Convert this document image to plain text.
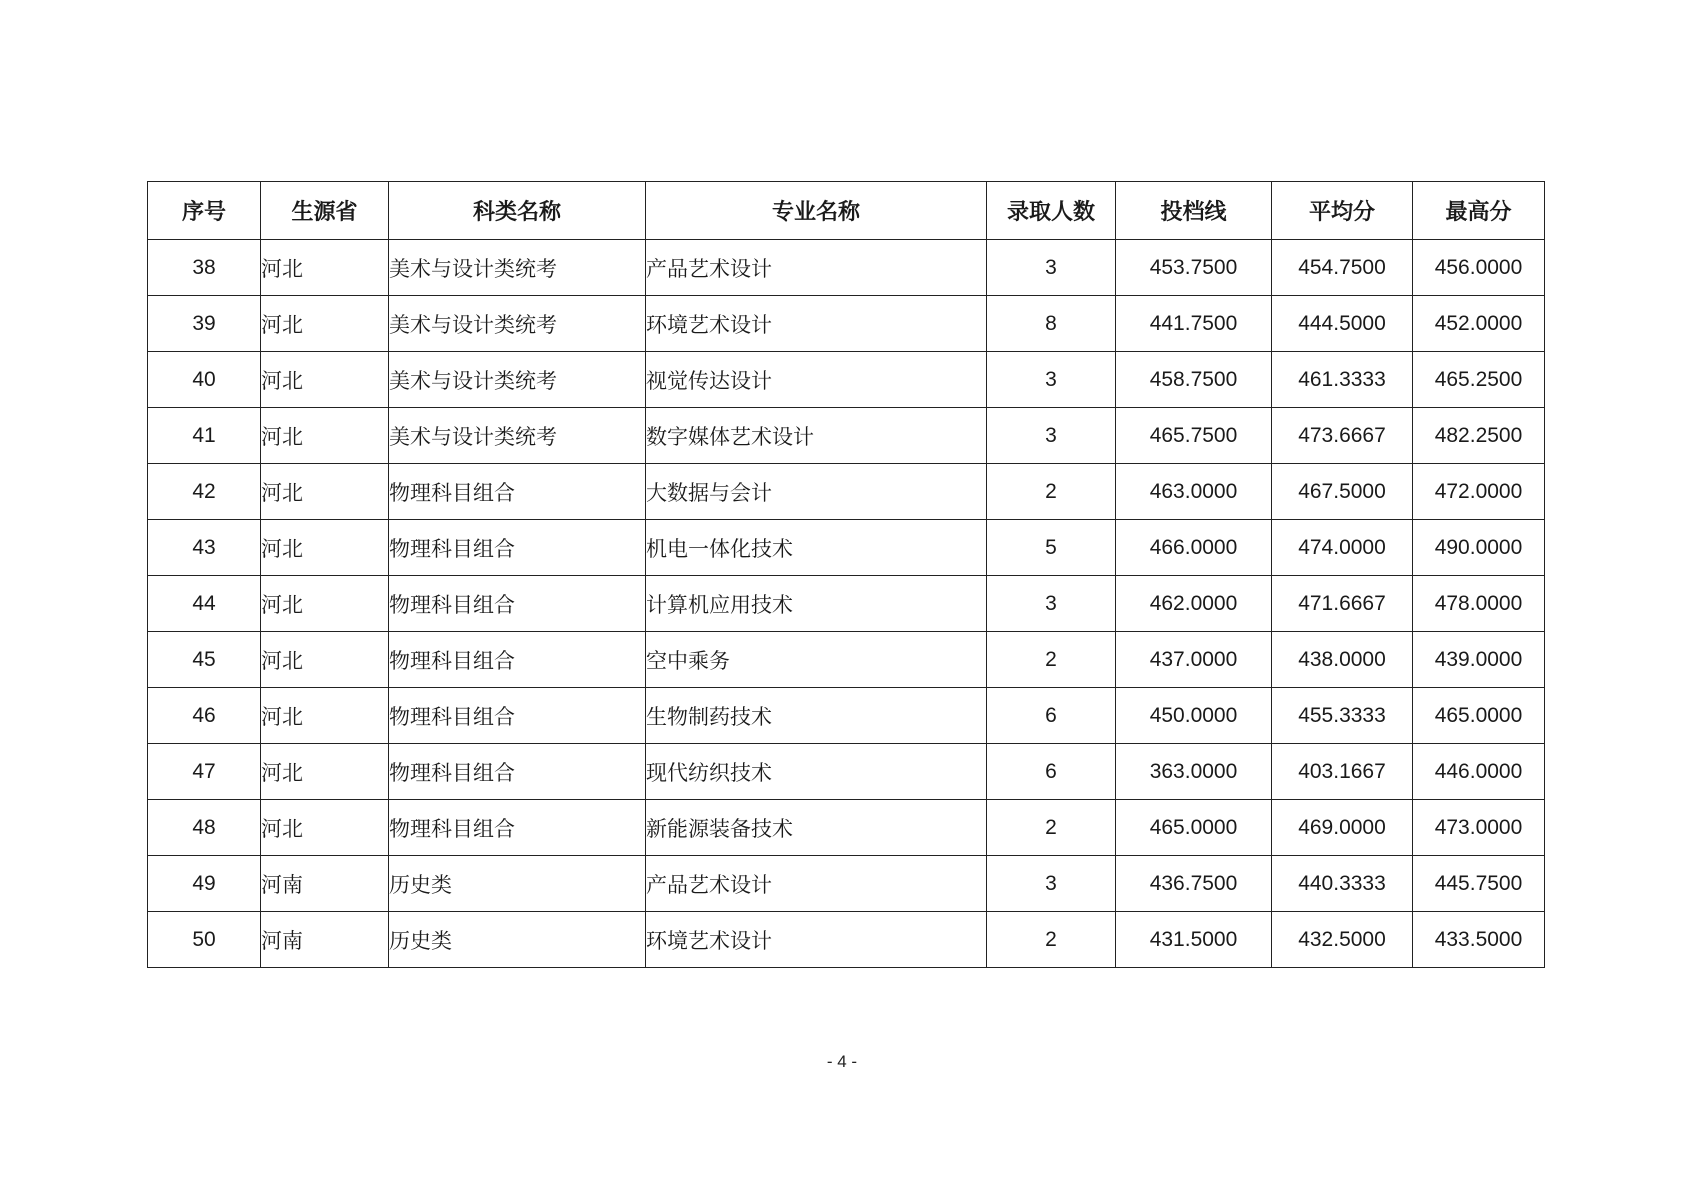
序号	生源省	科类名称	专业名称	录取人数	投档线	平均分	最高分
38	河北	美术与设计类统考	产品艺术设计	3	453.7500	454.7500	456.0000
39	河北	美术与设计类统考	环境艺术设计	8	441.7500	444.5000	452.0000
40	河北	美术与设计类统考	视觉传达设计	3	458.7500	461.3333	465.2500
41	河北	美术与设计类统考	数字媒体艺术设计	3	465.7500	473.6667	482.2500
42	河北	物理科目组合	大数据与会计	2	463.0000	467.5000	472.0000
43	河北	物理科目组合	机电一体化技术	5	466.0000	474.0000	490.0000
44	河北	物理科目组合	计算机应用技术	3	462.0000	471.6667	478.0000
45	河北	物理科目组合	空中乘务	2	437.0000	438.0000	439.0000
46	河北	物理科目组合	生物制药技术	6	450.0000	455.3333	465.0000
47	河北	物理科目组合	现代纺织技术	6	363.0000	403.1667	446.0000
48	河北	物理科目组合	新能源装备技术	2	465.0000	469.0000	473.0000
49	河南	历史类	产品艺术设计	3	436.7500	440.3333	445.7500
50	河南	历史类	环境艺术设计	2	431.5000	432.5000	433.5000
- 4 -
